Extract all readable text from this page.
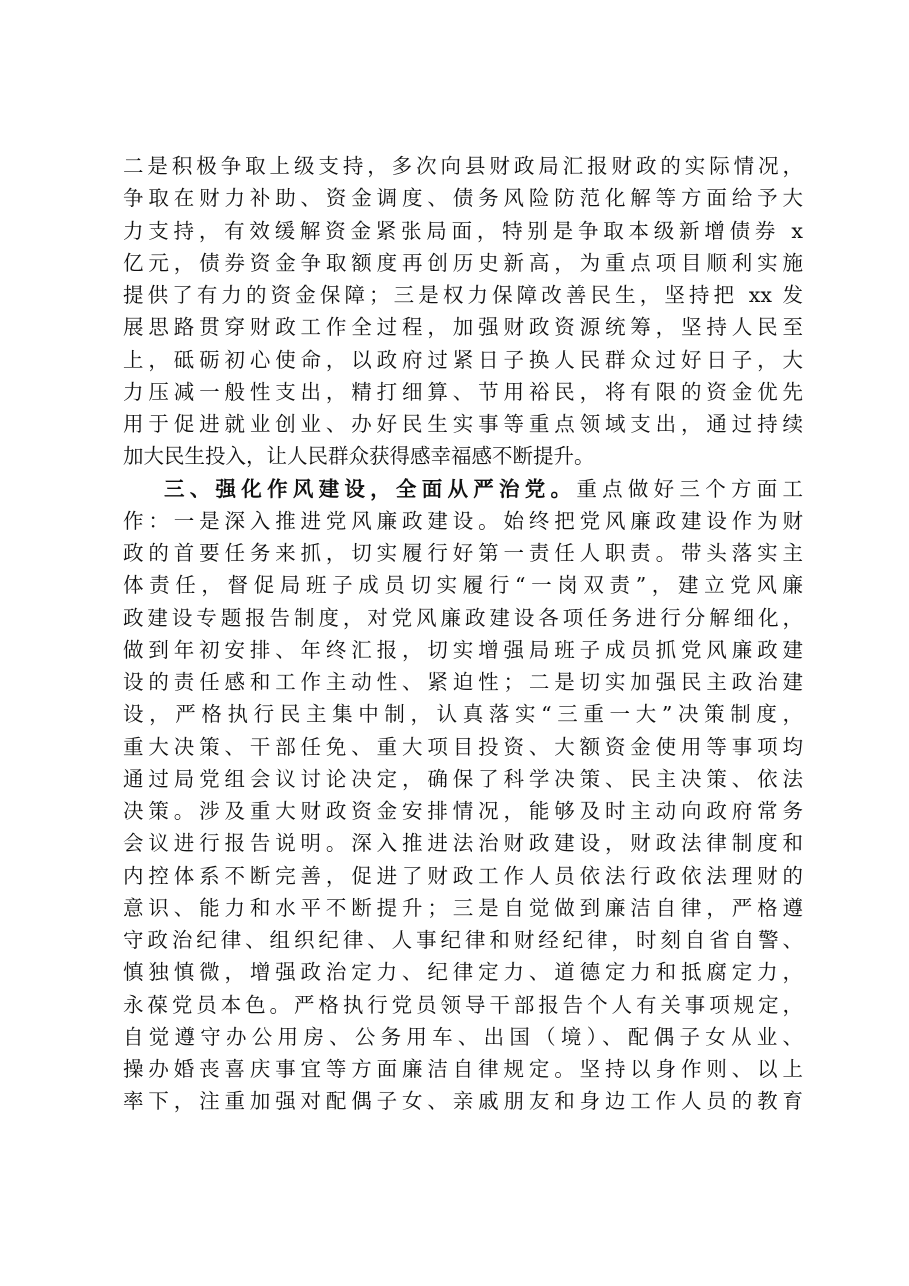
二是积极争取上级支持，多次向县财政局汇报财政的实际情况，
争取在财力补助、资金调度、债务风险防范化解等方面给予大
力支持，有效缓解资金紧张局面，特别是争取本级新增债券 x
亿元，债券资金争取额度再创历史新高，为重点项目顺利实施
提供了有力的资金保障；三是权力保障改善民生，坚持把 xx 发
展思路贯穿财政工作全过程，加强财政资源统筹，坚持人民至
上，砥砺初心使命，以政府过紧日子换人民群众过好日子，大
力压减一般性支出，精打细算、节用裕民，将有限的资金优先
用于促进就业创业、办好民生实事等重点领域支出，通过持续
加大民生投入，让人民群众获得感幸福感不断提升。
三、强化作风建设，全面从严治党。重点做好三个方面工
作：一是深入推进党风廉政建设。始终把党风廉政建设作为财
政的首要任务来抓，切实履行好第一责任人职责。带头落实主
体责任，督促局班子成员切实履行“一岗双责”，建立党风廉
政建设专题报告制度，对党风廉政建设各项任务进行分解细化，
做到年初安排、年终汇报，切实增强局班子成员抓党风廉政建
设的责任感和工作主动性、紧迫性；二是切实加强民主政治建
设，严格执行民主集中制，认真落实“三重一大”决策制度，
重大决策、干部任免、重大项目投资、大额资金使用等事项均
通过局党组会议讨论决定，确保了科学决策、民主决策、依法
决策。涉及重大财政资金安排情况，能够及时主动向政府常务
会议进行报告说明。深入推进法治财政建设，财政法律制度和
内控体系不断完善，促进了财政工作人员依法行政依法理财的
意识、能力和水平不断提升；三是自觉做到廉洁自律，严格遵
守政治纪律、组织纪律、人事纪律和财经纪律，时刻自省自警、
慎独慎微，增强政治定力、纪律定力、道德定力和抵腐定力，
永葆党员本色。严格执行党员领导干部报告个人有关事项规定，
自觉遵守办公用房、公务用车、出国（境）、配偶子女从业、
操办婚丧喜庆事宜等方面廉洁自律规定。坚持以身作则、以上
率下，注重加强对配偶子女、亲戚朋友和身边工作人员的教育
